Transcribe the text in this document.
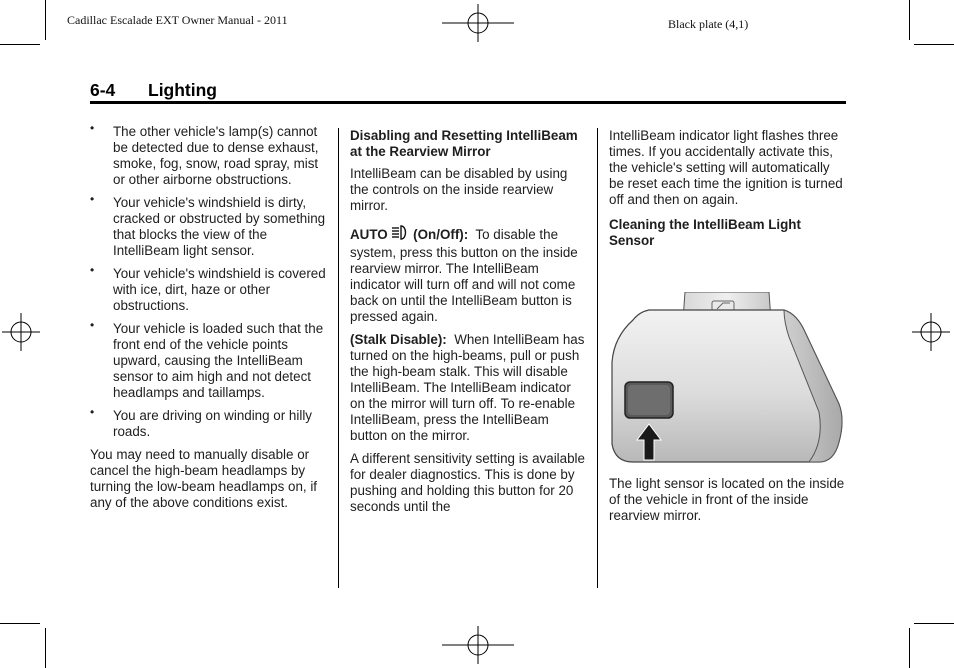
Cadillac Escalade EXT Owner Manual - 2011	Black plate (4,1)
6-4 Lighting
• The other vehicle's lamp(s) cannot be detected due to dense exhaust, smoke, fog, snow, road spray, mist or other airborne obstructions.

• Your vehicle's windshield is dirty, cracked or obstructed by something that blocks the view of the IntelliBeam light sensor.

• Your vehicle's windshield is covered with ice, dirt, haze or other obstructions.

• Your vehicle is loaded such that the front end of the vehicle points upward, causing the IntelliBeam sensor to aim high and not detect headlamps and taillamps.

• You are driving on winding or hilly roads.

You may need to manually disable or cancel the high-beam headlamps by turning the low-beam headlamps on, if any of the above conditions exist.

Disabling and Resetting IntelliBeam at the Rearview Mirror

IntelliBeam can be disabled by using the controls on the inside rearview mirror.

AUTO (On/Off): To disable the system, press this button on the inside rearview mirror. The IntelliBeam indicator will turn off and will not come back on until the IntelliBeam button is pressed again.

(Stalk Disable): When IntelliBeam has turned on the high-beams, pull or push the high-beam stalk. This will disable IntelliBeam. The IntelliBeam indicator on the mirror will turn off. To re-enable IntelliBeam, press the IntelliBeam button on the mirror.

A different sensitivity setting is available for dealer diagnostics. This is done by pushing and holding this button for 20 seconds until the

IntelliBeam indicator light flashes three times. If you accidentally activate this, the vehicle's setting will automatically be reset each time the ignition is turned off and then on again.

Cleaning the IntelliBeam Light Sensor

The light sensor is located on the inside of the vehicle in front of the inside rearview mirror.
